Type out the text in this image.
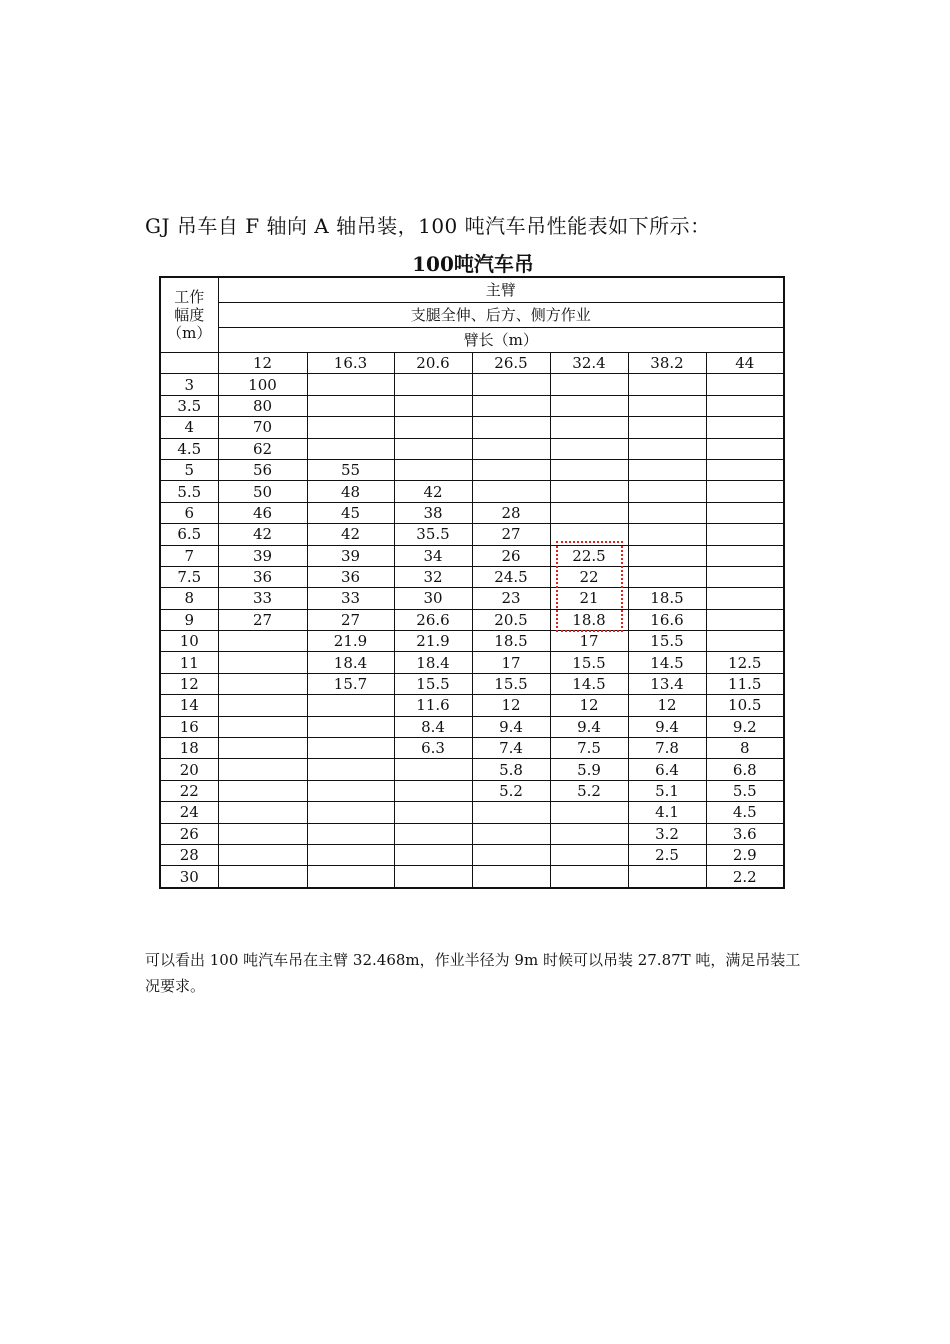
GJ 吊车自 F 轴向 A 轴吊装，100 吨汽车吊性能表如下所示：
100吨汽车吊
工作
幅度
（m）	主臂						
	支腿全伸、后方、侧方作业						
	臂长（m）						
	12	16.3	20.6	26.5	32.4	38.2	44
3	100						
3.5	80						
4	70						
4.5	62						
5	56	55					
5.5	50	48	42				
6	46	45	38	28			
6.5	42	42	35.5	27			
7	39	39	34	26	22.5		
7.5	36	36	32	24.5	22		
8	33	33	30	23	21	18.5	
9	27	27	26.6	20.5	18.8	16.6	
10		21.9	21.9	18.5	17	15.5	
11		18.4	18.4	17	15.5	14.5	12.5
12		15.7	15.5	15.5	14.5	13.4	11.5
14			11.6	12	12	12	10.5
16			8.4	9.4	9.4	9.4	9.2
18			6.3	7.4	7.5	7.8	8
20				5.8	5.9	6.4	6.8
22				5.2	5.2	5.1	5.5
24						4.1	4.5
26						3.2	3.6
28						2.5	2.9
30							2.2
可以看出 100 吨汽车吊在主臂 32.468m，作业半径为 9m 时候可以吊装 27.87T 吨，满足吊装工况要求。
